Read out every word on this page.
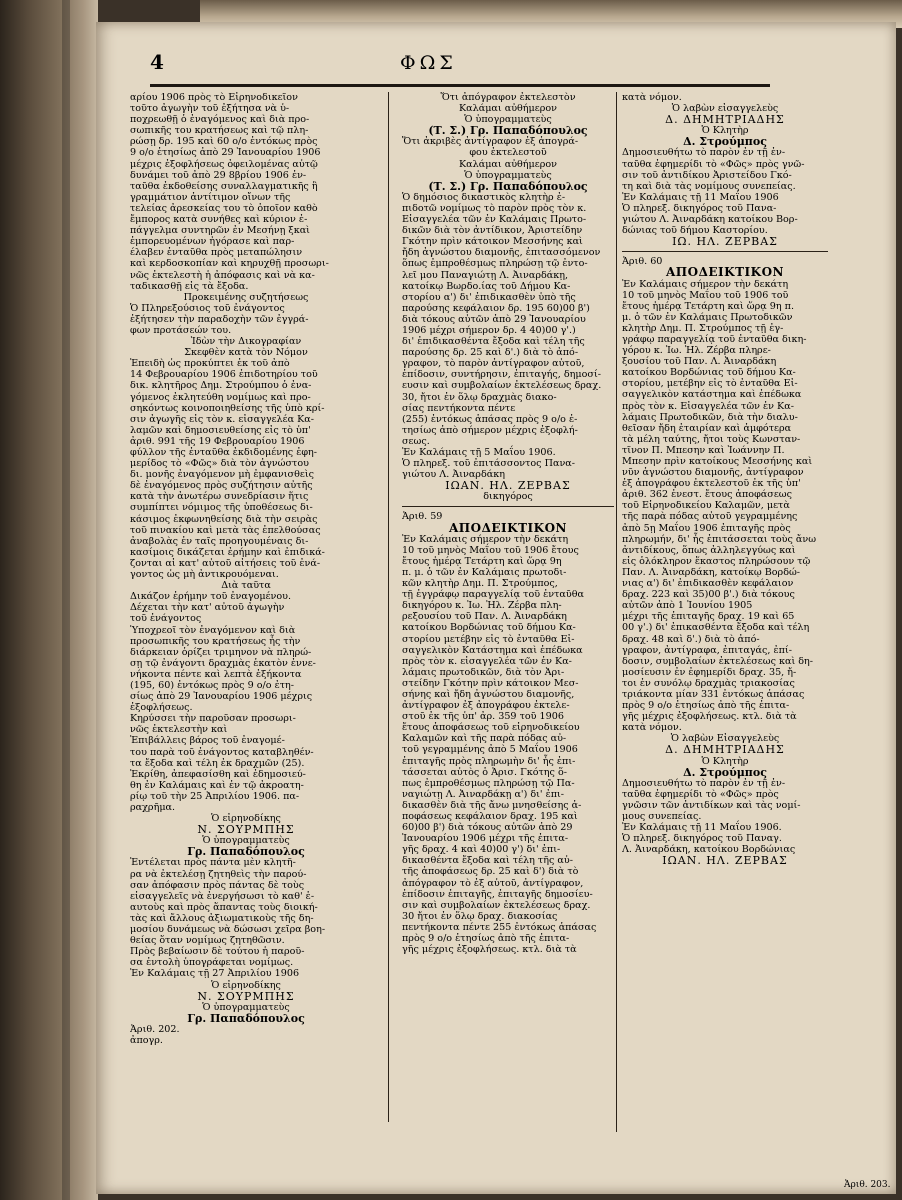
4	ΦΩΣ

αρίου 1906 πρὸς τὸ Εἰρηνοδικεῖον

τοῦτο ἀγωγὴν τοῦ ἐξήτησα νὰ ὑ-

ποχρεωθῇ ὁ ἐναγόμενος καὶ διὰ προ-

σωπικῆς του κρατήσεως καὶ τῷ πλη-

ρώσῃ δρ. 195 καὶ 60 ο/ο ἐντόκως πρὸς

9 ο/ο ἐτησίως ἀπὸ 29 Ἰανουαρίου 1906

μέχρις ἐξοφλήσεως ὀφειλομένας αὐτῷ

δυνάμει τοῦ ἀπὸ 29 8βρίου 1906 ἐν-

ταῦθα ἐκδοθείσης συναλλαγματικῆς ἢ

γραμμάτιον ἀντίτιμον οἴνων τῆς

τελείας ἀρεσκείας του τὸ ὁποῖον καθὸ

ἔμπορος κατὰ συνήθες καὶ κύριον ἐ-

πάγγελμα συντηρῶν ἐν Μεσήνῃ ξκαὶ

ἐμπορευομένων ἠγόρασε καὶ παρ-

έλαβεν ἐνταῦθα πρὸς μεταπώλησιν

καὶ κερδοσκοπίαν καὶ κηρυχθῇ προσωρι-

νῶς ἐκτελεστὴ ἡ ἀπόφασις καὶ νὰ κα-

ταδικασθῇ εἰς τὰ ἔξοδα.

Προκειμένης συζητήσεως

Ὁ Πληρεξούσιος τοῦ ἐνάγοντος

ἐξήτησεν τὴν παραδοχὴν τῶν ἐγγρά-

φων προτάσεών του.

Ἰδὼν τὴν Δικογραφίαν

Σκεφθὲν κατὰ τὸν Νόμον

Ἐπειδὴ ὡς προκύπτει ἐκ τοῦ ἀπὸ

14 Φεβρουαρίου 1906 ἐπιδοτηρίου τοῦ

δικ. κλητῆρος Δημ. Στρούμπου ὁ ἐνα-

γόμενος ἐκλητεύθη νομίμως καὶ προ-

σηκόντως κοινοποιηθείσης τῆς ὑπὸ κρί-

σιν ἀγωγῆς εἰς τὸν κ. εἰσαγγελέα Κα-

λαμῶν καὶ δημοσιευθείσης εἰς τὸ ὑπ'

ἀριθ. 991 τῆς 19 Φεβρουαρίου 1906

φύλλον τῆς ἐνταῦθα ἐκδιδομένης ἐφη-

μερίδος τὸ «Φῶς» διὰ τὸν ἀγνώστου

δι. μονῆς ἐναγόμενον μὴ ἐμφανισθεὶς

δὲ ἐναγόμενος πρὸς συζήτησιν αὐτῆς

κατὰ τὴν ἀνωτέρω συνεδρίασιν ἥτις

συμπίπτει νόμιμος τῆς ὑποθέσεως δι-

κάσιμος ἐκφωνηθείσης διὰ τὴν σειρὰς

τοῦ πινακίου καὶ μετὰ τὰς ἐπελθούσας

ἀναβολὰς ἐν ταῖς προηγουμέναις δι-

κασίμοις δικάζεται ἐρήμην καὶ ἐπιδικά-

ζονται αἱ κατ' αὐτοῦ αἰτήσεις τοῦ ἐνά-

γοντος ὡς μὴ ἀντικρουόμεναι.

Διὰ ταῦτα

Δικάζον ἐρήμην τοῦ ἐναγομένου.

Δέχεται τὴν κατ' αὐτοῦ ἀγωγὴν

τοῦ ἐνάγοντος

Ὑποχρεοῖ τὸν ἐναγόμενον καὶ διὰ

προσωπικῆς του κρατήσεως ἧς τὴν

διάρκειαν ὁρίζει τριμηνον νὰ πληρώ-

σῃ τῷ ἐνάγοντι δραχμὰς ἑκατὸν ἐννε-

νήκοντα πέντε καὶ λεπτὰ ἑξήκοντα

(195, 60) ἐντόκως πρὸς 9 ο/ο ἐτη-

σίως ἀπὸ 29 Ἰανουαρίου 1906 μέχρις

ἐξοφλήσεως.

Κηρύσσει τὴν παροῦσαν προσωρι-

νῶς ἐκτελεστὴν καὶ

Ἐπιβάλλεις βάρος τοῦ ἐναγομέ-

του παρὰ τοῦ ἐνάγοντος καταβληθέν-

τα ἔξοδα καὶ τέλη ἐκ δραχμῶν (25).

Ἐκρίθη, ἀπεφασίσθη καὶ ἐδημοσιεύ-

θη ἐν Καλάμαις καὶ ἐν τῷ ἀκροατη-

ρίῳ τοῦ τὴν 25 Ἀπριλίου 1906. πα-

ραχρῆμα.

Ὁ εἰρηνοδίκης

Ν. ΣΟΥΡΜΠΗΣ

Ὁ ὑπογραμματεὺς

Γρ. Παπαδόπουλος

Ἐντέλεται πρὸς πάντα μὲν κλητῆ-

ρα νὰ ἐκτελέσῃ ζητηθεὶς τὴν παρού-

σαν ἀπόφασιν πρὸς πάντας δὲ τοὺς

εἰσαγγελεῖς νὰ ἐνεργήσωσι τὸ καθ' ἑ-

αυτοὺς καὶ πρὸς ἅπαντας τοὺς διοική-

τὰς καὶ ἄλλους ἀξιωματικοὺς τῆς δη-

μοσίου δυνάμεως νὰ δώσωσι χεῖρα βοη-

θείας ὅταν νομίμως ζητηθῶσιν.

Πρὸς βεβαίωσιν δὲ τούτου ἡ παροῦ-

σα ἐντολὴ ὑπογράφεται νομίμως.

Ἐν Καλάμαις τῇ 27 Ἀπριλίου 1906

Ὁ εἰρηνοδίκης

Ν. ΣΟΥΡΜΠΗΣ

Ὁ ὑπογραμματεὺς

Γρ. Παπαδόπουλος

Ἀριθ. 202.

ἀπογρ.

Ὅτι ἀπόγραφον ἐκτελεστὸν

Καλάμαι αὐθήμερον

Ὁ ὑπογραμματεὺς

(Τ. Σ.) Γρ. Παπαδόπουλος

Ὅτι ἀκριβὲς ἀντίγραφον ἐξ ἀπογρά-

φου ἐκτελεστοῦ

Καλάμαι αὐθήμερον

Ὁ ὑπογραμματεὺς

(Τ. Σ.) Γρ. Παπαδόπουλος

Ὁ δημόσιος δικαστικὸς κλητὴρ ἐ-

πιδοτῶ νομίμως τὸ παρὸν πρὸς τὸν κ.

Εἰσαγγελέα τῶν ἐν Καλάμαις Πρωτο-

δικῶν διὰ τὸν ἀντίδικον, Ἀριστείδην

Γκότην πρὶν κάτοικον Μεσσήνης καὶ

ἤδη ἀγνώστου διαμονῆς, ἐπιτασσόμενον

ὅπως ἐμπροθέσμως πληρώσῃ τῷ ἐντο-

λεῖ μου Παναγιώτῃ Λ. Ἀιναρδάκῃ,

κατοίκῳ Βωρδο.ίας τοῦ Δήμου Κα-

στορίου α') δι' ἐπιδικασθὲν ὑπὸ τῆς

παρούσης κεφάλαιον δρ. 195 60)00 β')

διὰ τόκους αὐτῶν ἀπὸ 29 Ἰανουαρίου

1906 μέχρι σήμερον δρ. 4 40)00 γ'.)

δι' ἐπιδικασθέντα ἔξοδα καὶ τέλη τῆς

παρούσης δρ. 25 καὶ δ'.) διὰ τὸ ἀπό-

γραφον, τὸ παρὸν ἀντίγραφον αὐτοῦ,

ἐπίδοσιν, συντήρησιν, ἐπιταγής, δημοσί-

ευσιν καὶ συμβολαίων ἐκτελέσεως δραχ.

30, ἤτοι ἐν ὅλῳ δραχμὰς διακο-

σίας πεντήκοντα πέντε

(255) ἐντόκως ἁπάσας πρὸς 9 ο/ο ἐ-

τησίως ἀπὸ σήμερον μέχρις ἐξοφλή-

σεως.

Ἐν Καλάμαις τῇ 5 Μαΐου 1906.

Ὁ πληρεξ. τοῦ ἐπιτάσσοντος Πανα-

γιώτου Λ. Ἀιναρδάκη

ΙΩΑΝ. ΗΛ. ΖΕΡΒΑΣ

δικηγόρος

Ἀριθ. 59

ΑΠΟΔΕΙΚΤΙΚΟΝ

Ἐν Καλάμαις σήμερον τὴν δεκάτη

10 τοῦ μηνὸς Μαΐου τοῦ 1906 ἔτους

ἔτους ἡμέρᾳ Τετάρτη καὶ ὥρᾳ 9η

π. μ. ὁ τῶν ἐν Καλάμαις πρωτοδι-

κῶν κλητὴρ Δημ. Π. Στρούμπος,

τῇ ἐγγράφῳ παραγγελίᾳ τοῦ ἐνταῦθα

δικηγόρου κ. Ἰω. Ἠλ. Ζέρβα πλη-

ρεξουσίου τοῦ Παν. Λ. Ἀιναρδάκη

κατοίκου Βορδώνιας τοῦ δήμου Κα-

στορίου μετέβην εἰς τὸ ἐνταῦθα Εἰ-

σαγγελικὸν Κατάστημα καὶ ἐπέδωκα

πρὸς τὸν κ. εἰσαγγελέα τῶν ἐν Κα-

λάμαις πρωτοδικῶν, διὰ τὸν Ἀρι-

στείδην Γκότην πρὶν κάτοικον Μεσ-

σήνης καὶ ἤδη ἀγνώστου διαμονῆς,

ἀντίγραφον ἐξ ἀπογράφου ἐκτελε-

στοῦ ἐκ τῆς ὑπ' ἀρ. 359 τοῦ 1906

ἔτους ἀποφάσεως τοῦ εἰρηνοδικείου

Καλαμῶν καὶ τῆς παρὰ πόδας αὐ-

τοῦ γεγραμμένης ἀπὸ 5 Μαΐου 1906

ἐπιταγῆς πρὸς πληρωμὴν δι' ἧς ἐπι-

τάσσεται αὐτὸς ὁ Ἀρισ. Γκότης ὅ-

πως ἐμπροθέσμως πληρώσῃ τῷ Πα-

ναγιώτῃ Λ. Ἀιναρδάκῃ α') δι' ἐπι-

δικασθὲν διὰ τῆς ἄνω μνησθείσης ἀ-

ποφάσεως κεφάλαιον δραχ. 195 καὶ

60)00 β') διὰ τόκους αὐτῶν ἀπὸ 29

Ἰανουαρίου 1906 μέχρι τῆς ἐπιτα-

γῆς δραχ. 4 καὶ 40)00 γ') δι' ἐπι-

δικασθέντα ἔξοδα καὶ τέλη τῆς αὐ-

τῆς ἀποφάσεως δρ. 25 καὶ δ') διὰ τὸ

ἀπόγραφον τὸ ἐξ αὐτοῦ, ἀντίγραφον,

ἐπίδοσιν ἐπιταγῆς, ἐπιταγῆς δημοσίευ-

σιν καὶ συμβολαίων ἐκτελέσεως δραχ.

30 ἤτοι ἐν ὅλῳ δραχ. διακοσίας

πεντήκοντα πέντε 255 ἐντόκως ἁπάσας

πρὸς 9 ο/ο ἐτησίως ἀπὸ τῆς ἐπιτα-

γῆς μέχρις ἐξοφλήσεως. κτλ. διὰ τὰ

κατὰ νόμον.

Ὁ λαβὼν εἰσαγγελεὺς

Δ. ΔΗΜΗΤΡΙΑΔΗΣ

Ὁ Κλητὴρ

Δ. Στρούμπος

Δημοσιευθήτω τὸ παρὸν ἐν τῇ ἐν-

ταῦθα ἐφημερίδι τὸ «Φῶς» πρὸς γνῶ-

σιν τοῦ ἀντιδίκου Ἀριστείδου Γκό-

τη καὶ διὰ τὰς νομίμους συνεπείας.

Ἐν Καλάμαις τῇ 11 Μαΐου 1906

Ὁ πληρεξ. δικηγόρος τοῦ Πανα-

γιώτου Λ. Ἀιναρδάκη κατοίκου Βορ-

δώνιας τοῦ δήμου Καστορίου.

ΙΩ. ΗΛ. ΖΕΡΒΑΣ

Ἀριθ. 60

ΑΠΟΔΕΙΚΤΙΚΟΝ

Ἐν Καλάμαις σήμερον τὴν δεκάτη

10 τοῦ μηνὸς Μαΐου τοῦ 1906 τοῦ

ἔτους ἡμέρᾳ Τετάρτη καὶ ὥρᾳ 9η π.

μ. ὁ τῶν ἐν Καλάμαις Πρωτοδικῶν

κλητὴρ Δημ. Π. Στρούμπος τῇ ἐγ-

γράφῳ παραγγελίᾳ τοῦ ἐνταῦθα δικη-

γόρου κ. Ἰω. Ἠλ. Ζέρβα πληρε-

ξουσίου τοῦ Παν. Λ. Ἀιναρδάκη

κατοίκου Βορδώνιας τοῦ δήμου Κα-

στορίου, μετέβην εἰς τὸ ἐνταῦθα Εἰ-

σαγγελικὸν κατάστημα καὶ ἐπέδωκα

πρὸς τὸν κ. Εἰσαγγελέα τῶν ἐν Κα-

λάμαις Πρωτοδικῶν, διὰ τὴν διαλυ-

θεῖσαν ἤδη ἑταιρίαν καὶ ἀμφότερα

τὰ μέλη ταύτης, ἤτοι τοὺς Κωνσταν-

τῖνον Π. Μπεσην καὶ Ἰωάννην Π.

Μπεσην πρὶν κατοίκους Μεσσήνης καὶ

νῦν ἀγνώστου διαμονῆς, ἀντίγραφον

ἐξ ἀπογράφου ἐκτελεστοῦ ἐκ τῆς ὑπ'

ἀριθ. 362 ἐνεστ. ἔτους ἀποφάσεως

τοῦ Εἰρηνοδικείου Καλαμῶν, μετὰ

τῆς παρὰ πόδας αὐτοῦ γεγραμμένης

ἀπὸ 5ῃ Μαΐου 1906 ἐπιταγῆς πρὸς

πληρωμήν, δι' ἧς ἐπιτάσσεται τοὺς ἄνω

ἀντιδίκους, ὅπως ἀλληλεγγύως καὶ

εἰς ὁλόκληρον ἕκαστος πληρώσουν τῷ

Παν. Λ. Ἀιναρδάκη, κατοίκῳ Βορδώ-

νιας α') δι' ἐπιδικασθὲν κεφάλαιον

δραχ. 223 καὶ 35)00 β'.) διὰ τόκους

αὐτῶν ἀπὸ 1 Ἰουνίου 1905

μέχρι τῆς ἐπιταγῆς δραχ. 19 καὶ 65

00 γ'.) δι' ἐπικασθέντα ἔξοδα καὶ τέλη

δραχ. 48 καὶ δ'.) διὰ τὸ ἀπό-

γραφον, ἀντίγραφα, ἐπιταγάς, ἐπί-

δοσιν, συμβολαίων ἐκτελέσεως καὶ δη-

μοσίευσιν ἐν ἐφημερίδι δραχ. 35, ἤ-

τοι ἐν συνόλῳ δραχμὰς τριακοσίας

τριάκοντα μίαν 331 ἐντόκως ἁπάσας

πρὸς 9 ο/ο ἐτησίως ἀπὸ τῆς ἐπιτα-

γῆς μέχρις ἐξοφλήσεως. κτλ. διὰ τὰ

κατὰ νόμον.

Ὁ λαβὼν Εἰσαγγελεὺς

Δ. ΔΗΜΗΤΡΙΑΔΗΣ

Ὁ Κλητὴρ

Δ. Στρούμπος

Δημοσιευθήτω τὸ παρὸν ἐν τῇ ἐν-

ταῦθα ἐφημερίδι τὸ «Φῶς» πρὸς

γνῶσιν τῶν ἀντιδίκων καὶ τὰς νομί-

μους συνεπείας.

Ἐν Καλάμαις τῇ 11 Μαΐου 1906.

Ὁ πληρεξ. δικηγόρος τοῦ Παναγ.

Λ. Ἀιναρδάκη, κατοίκου Βορδώνιας

ΙΩΑΝ. ΗΛ. ΖΕΡΒΑΣ

Ἀριθ. 203.
